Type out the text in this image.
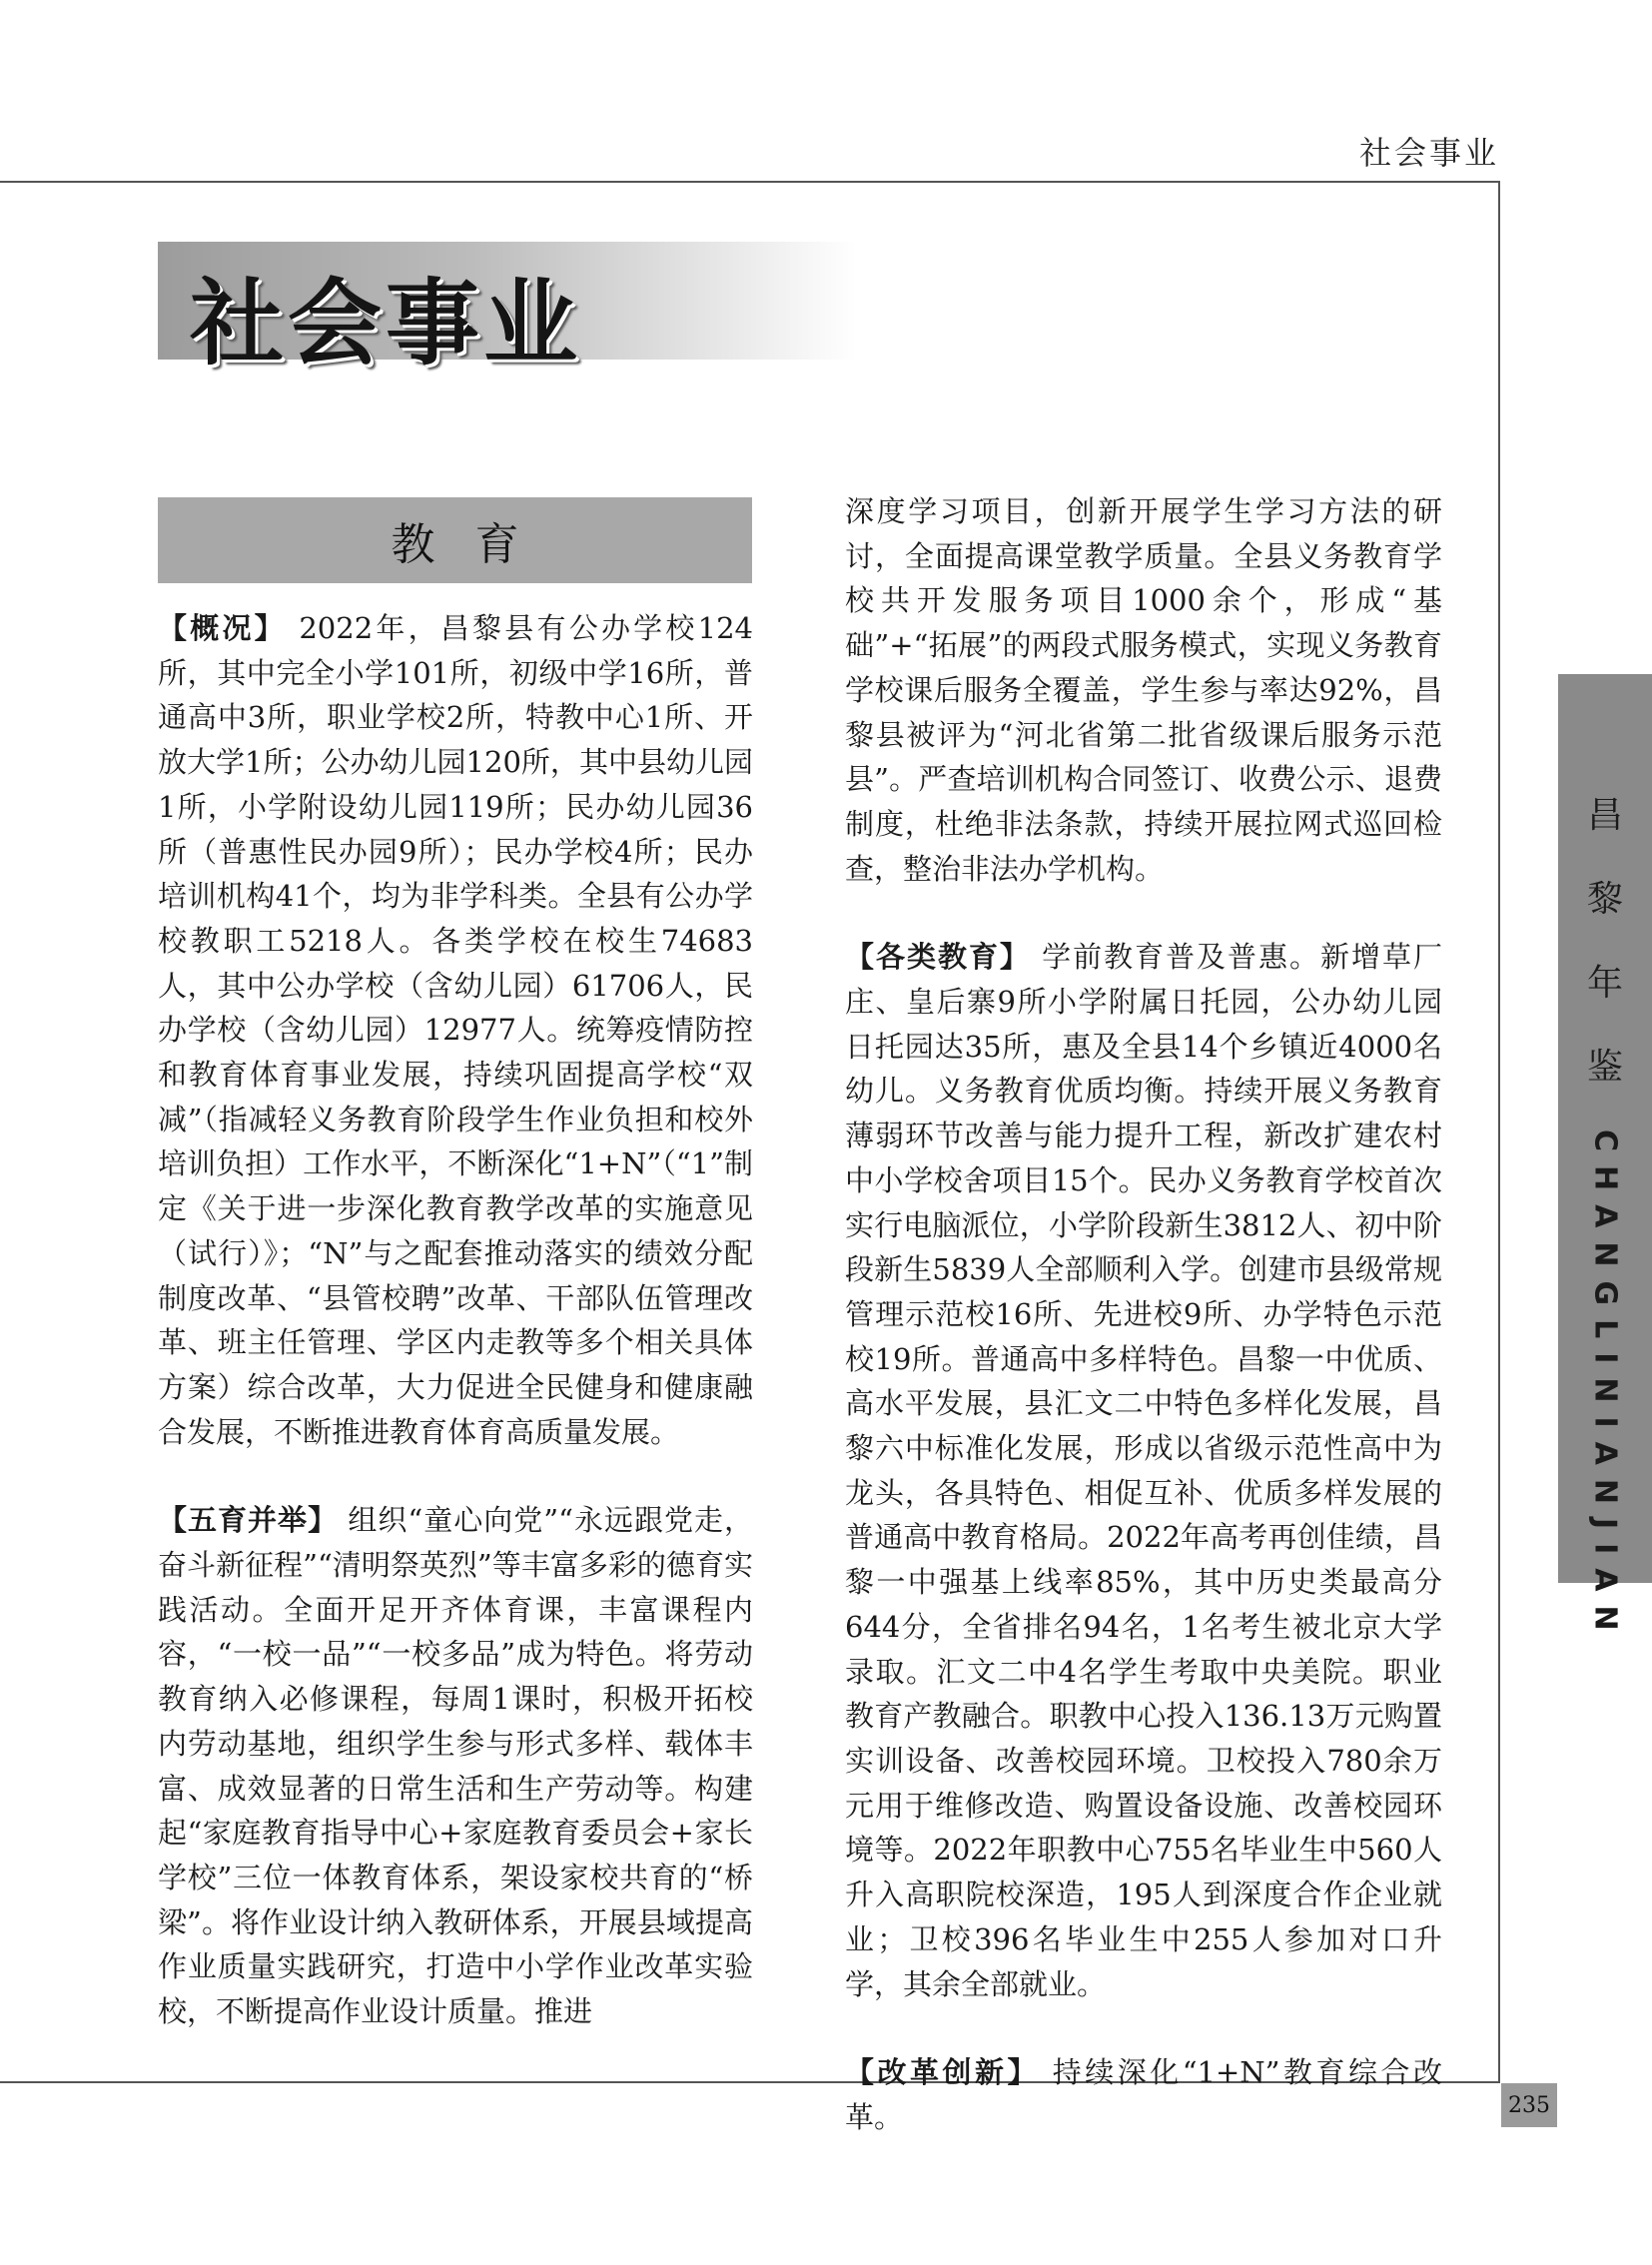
社会事业
社会事业
教育

【概况】 2022年，昌黎县有公办学校124所，其中完全小学101所，初级中学16所，普通高中3所，职业学校2所，特教中心1所、开放大学1所；公办幼儿园120所，其中县幼儿园1所，小学附设幼儿园119所；民办幼儿园36所（普惠性民办园9所）；民办学校4所；民办培训机构41个，均为非学科类。全县有公办学校教职工5218人。各类学校在校生74683人，其中公办学校（含幼儿园）61706人，民办学校（含幼儿园）12977人。统筹疫情防控和教育体育事业发展，持续巩固提高学校“双减”（指减轻义务教育阶段学生作业负担和校外培训负担）工作水平，不断深化“1+N”（“1”制定《关于进一步深化教育教学改革的实施意见（试行）》；“N”与之配套推动落实的绩效分配制度改革、“县管校聘”改革、干部队伍管理改革、班主任管理、学区内走教等多个相关具体方案）综合改革，大力促进全民健身和健康融合发展，不断推进教育体育高质量发展。

【五育并举】 组织“童心向党”“永远跟党走，奋斗新征程”“清明祭英烈”等丰富多彩的德育实践活动。全面开足开齐体育课，丰富课程内容，“一校一品”“一校多品”成为特色。将劳动教育纳入必修课程，每周1课时，积极开拓校内劳动基地，组织学生参与形式多样、载体丰富、成效显著的日常生活和生产劳动等。构建起“家庭教育指导中心+家庭教育委员会+家长学校”三位一体教育体系，架设家校共育的“桥梁”。将作业设计纳入教研体系，开展县域提高作业质量实践研究，打造中小学作业改革实验校，不断提高作业设计质量。推进

深度学习项目，创新开展学生学习方法的研讨，全面提高课堂教学质量。全县义务教育学校共开发服务项目1000余个，形成“基础”+“拓展”的两段式服务模式，实现义务教育学校课后服务全覆盖，学生参与率达92%，昌黎县被评为“河北省第二批省级课后服务示范县”。严查培训机构合同签订、收费公示、退费制度，杜绝非法条款，持续开展拉网式巡回检查，整治非法办学机构。

【各类教育】 学前教育普及普惠。新增草厂庄、皇后寨9所小学附属日托园，公办幼儿园日托园达35所，惠及全县14个乡镇近4000名幼儿。义务教育优质均衡。持续开展义务教育薄弱环节改善与能力提升工程，新改扩建农村中小学校舍项目15个。民办义务教育学校首次实行电脑派位，小学阶段新生3812人、初中阶段新生5839人全部顺利入学。创建市县级常规管理示范校16所、先进校9所、办学特色示范校19所。普通高中多样特色。昌黎一中优质、高水平发展，县汇文二中特色多样化发展，昌黎六中标准化发展，形成以省级示范性高中为龙头，各具特色、相促互补、优质多样发展的普通高中教育格局。2022年高考再创佳绩，昌黎一中强基上线率85%，其中历史类最高分644分，全省排名94名，1名考生被北京大学录取。汇文二中4名学生考取中央美院。职业教育产教融合。职教中心投入136.13万元购置实训设备、改善校园环境。卫校投入780余万元用于维修改造、购置设备设施、改善校园环境等。2022年职教中心755名毕业生中560人升入高职院校深造，195人到深度合作企业就业；卫校396名毕业生中255人参加对口升学，其余全部就业。

【改革创新】 持续深化“1+N”教育综合改革。

昌
黎
年
鉴
CHANGLINIANJIAN
235
